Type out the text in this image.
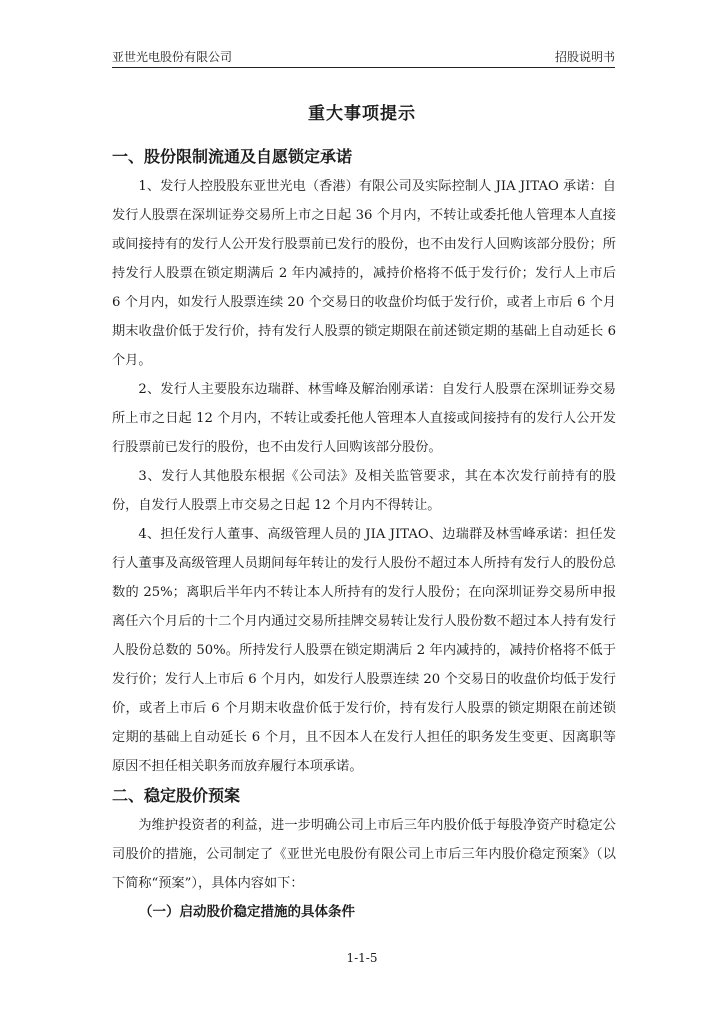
亚世光电股份有限公司	招股说明书
重大事项提示
一、股份限制流通及自愿锁定承诺

1、发行人控股股东亚世光电（香港）有限公司及实际控制人 JIA JITAO 承诺：自发行人股票在深圳证券交易所上市之日起 36 个月内，不转让或委托他人管理本人直接或间接持有的发行人公开发行股票前已发行的股份，也不由发行人回购该部分股份；所持发行人股票在锁定期满后 2 年内减持的，减持价格将不低于发行价；发行人上市后 6 个月内，如发行人股票连续 20 个交易日的收盘价均低于发行价，或者上市后 6 个月期末收盘价低于发行价，持有发行人股票的锁定期限在前述锁定期的基础上自动延长 6 个月。

2、发行人主要股东边瑞群、林雪峰及解治刚承诺：自发行人股票在深圳证券交易所上市之日起 12 个月内，不转让或委托他人管理本人直接或间接持有的发行人公开发行股票前已发行的股份，也不由发行人回购该部分股份。

3、发行人其他股东根据《公司法》及相关监管要求，其在本次发行前持有的股份，自发行人股票上市交易之日起 12 个月内不得转让。

4、担任发行人董事、高级管理人员的 JIA JITAO、边瑞群及林雪峰承诺：担任发行人董事及高级管理人员期间每年转让的发行人股份不超过本人所持有发行人的股份总数的 25%；离职后半年内不转让本人所持有的发行人股份；在向深圳证券交易所申报离任六个月后的十二个月内通过交易所挂牌交易转让发行人股份数不超过本人持有发行人股份总数的 50%。所持发行人股票在锁定期满后 2 年内减持的，减持价格将不低于发行价；发行人上市后 6 个月内，如发行人股票连续 20 个交易日的收盘价均低于发行价，或者上市后 6 个月期末收盘价低于发行价，持有发行人股票的锁定期限在前述锁定期的基础上自动延长 6 个月，且不因本人在发行人担任的职务发生变更、因离职等原因不担任相关职务而放弃履行本项承诺。

二、稳定股价预案

为维护投资者的利益，进一步明确公司上市后三年内股价低于每股净资产时稳定公司股价的措施，公司制定了《亚世光电股份有限公司上市后三年内股价稳定预案》（以下简称“预案”），具体内容如下：

（一）启动股价稳定措施的具体条件
1-1-5
